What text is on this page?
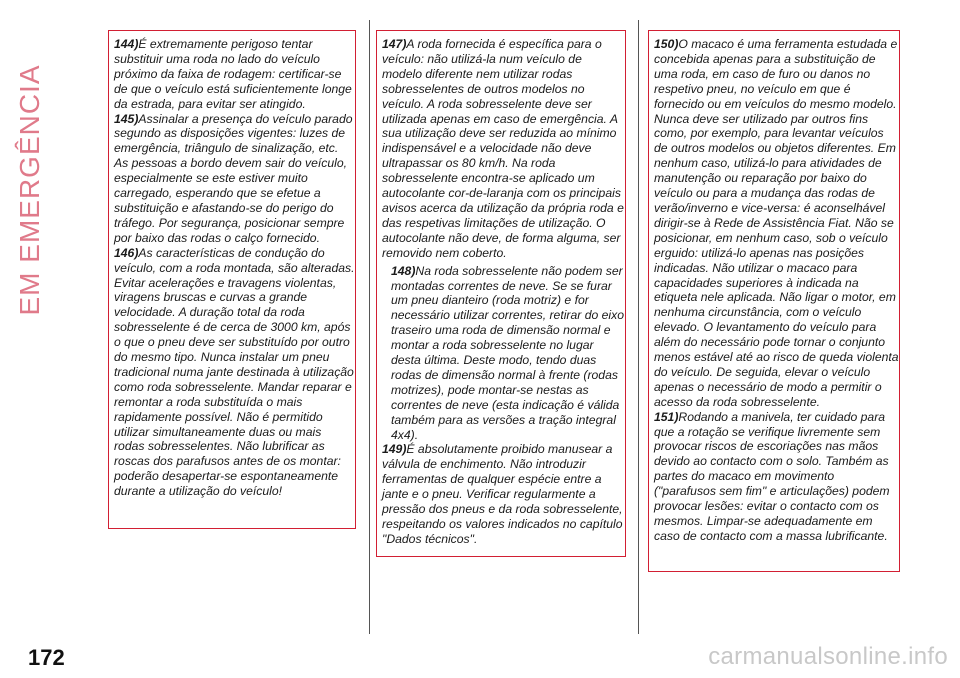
EM EMERGÊNCIA

144)É extremamente perigoso tentar substituir uma roda no lado do veículo próximo da faixa de rodagem: certificar-se de que o veículo está suficientemente longe da estrada, para evitar ser atingido.

145)Assinalar a presença do veículo parado segundo as disposições vigentes: luzes de emergência, triângulo de sinalização, etc. As pessoas a bordo devem sair do veículo, especialmente se este estiver muito carregado, esperando que se efetue a substituição e afastando-se do perigo do tráfego. Por segurança, posicionar sempre por baixo das rodas o calço fornecido.

146)As características de condução do veículo, com a roda montada, são alteradas. Evitar acelerações e travagens violentas, viragens bruscas e curvas a grande velocidade. A duração total da roda sobresselente é de cerca de 3000 km, após o que o pneu deve ser substituído por outro do mesmo tipo. Nunca instalar um pneu tradicional numa jante destinada à utilização como roda sobresselente. Mandar reparar e remontar a roda substituída o mais rapidamente possível. Não é permitido utilizar simultaneamente duas ou mais rodas sobresselentes. Não lubrificar as roscas dos parafusos antes de os montar: poderão desapertar-se espontaneamente durante a utilização do veículo!

147)A roda fornecida é específica para o veículo: não utilizá-la num veículo de modelo diferente nem utilizar rodas sobresselentes de outros modelos no veículo. A roda sobresselente deve ser utilizada apenas em caso de emergência. A sua utilização deve ser reduzida ao mínimo indispensável e a velocidade não deve ultrapassar os 80 km/h. Na roda sobresselente encontra-se aplicado um autocolante cor-de-laranja com os principais avisos acerca da utilização da própria roda e das respetivas limitações de utilização. O autocolante não deve, de forma alguma, ser removido nem coberto.

148)Na roda sobresselente não podem ser montadas correntes de neve. Se se furar um pneu dianteiro (roda motriz) e for necessário utilizar correntes, retirar do eixo traseiro uma roda de dimensão normal e montar a roda sobresselente no lugar desta última. Deste modo, tendo duas rodas de dimensão normal à frente (rodas motrizes), pode montar-se nestas as correntes de neve (esta indicação é válida também para as versões a tração integral 4x4).

149)É absolutamente proibido manusear a válvula de enchimento. Não introduzir ferramentas de qualquer espécie entre a jante e o pneu. Verificar regularmente a pressão dos pneus e da roda sobresselente, respeitando os valores indicados no capítulo "Dados técnicos".

150)O macaco é uma ferramenta estudada e concebida apenas para a substituição de uma roda, em caso de furo ou danos no respetivo pneu, no veículo em que é fornecido ou em veículos do mesmo modelo. Nunca deve ser utilizado par outros fins como, por exemplo, para levantar veículos de outros modelos ou objetos diferentes. Em nenhum caso, utilizá-lo para atividades de manutenção ou reparação por baixo do veículo ou para a mudança das rodas de verão/inverno e vice-versa: é aconselhável dirigir-se à Rede de Assistência Fiat. Não se posicionar, em nenhum caso, sob o veículo erguido: utilizá-lo apenas nas posições indicadas. Não utilizar o macaco para capacidades superiores à indicada na etiqueta nele aplicada. Não ligar o motor, em nenhuma circunstância, com o veículo elevado. O levantamento do veículo para além do necessário pode tornar o conjunto menos estável até ao risco de queda violenta do veículo. De seguida, elevar o veículo apenas o necessário de modo a permitir o acesso da roda sobresselente.

151)Rodando a manivela, ter cuidado para que a rotação se verifique livremente sem provocar riscos de escoriações nas mãos devido ao contacto com o solo. Também as partes do macaco em movimento ("parafusos sem fim" e articulações) podem provocar lesões: evitar o contacto com os mesmos. Limpar-se adequadamente em caso de contacto com a massa lubrificante.

172	carmanualsonline.info
